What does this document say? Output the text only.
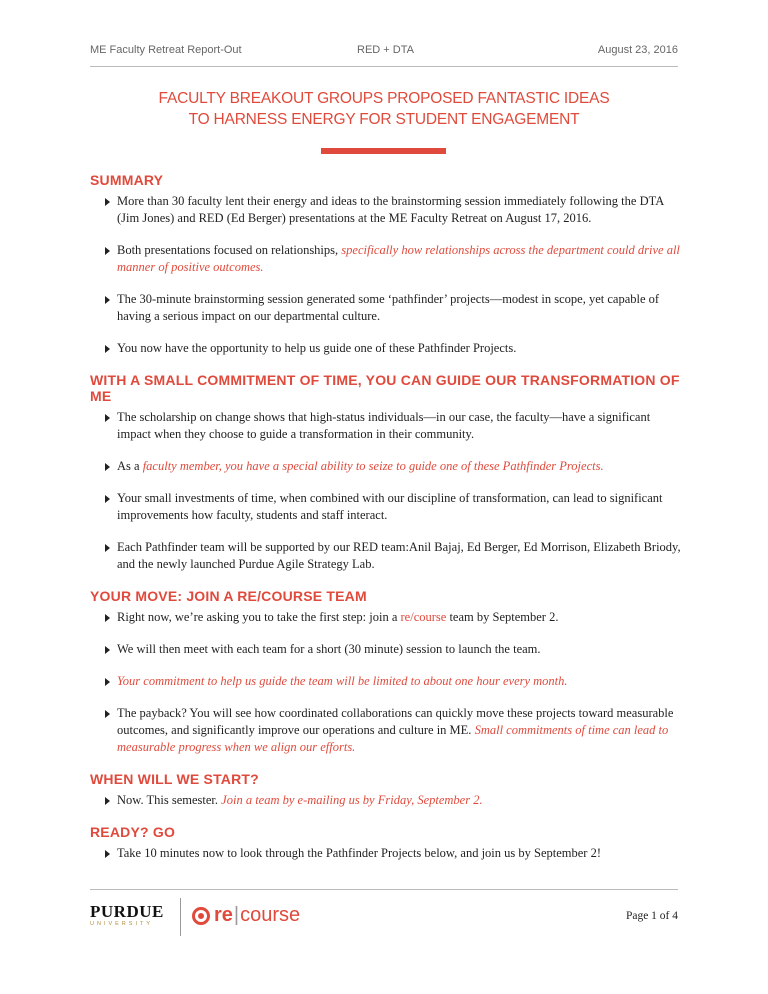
ME Faculty Retreat Report-Out	RED + DTA	August 23, 2016
FACULTY BREAKOUT GROUPS PROPOSED FANTASTIC IDEAS
TO HARNESS ENERGY FOR STUDENT ENGAGEMENT
SUMMARY
More than 30 faculty lent their energy and ideas to the brainstorming session immediately following the DTA (Jim Jones) and RED (Ed Berger) presentations at the ME Faculty Retreat on August 17, 2016.
Both presentations focused on relationships, specifically how relationships across the department could drive all manner of positive outcomes.
The 30-minute brainstorming session generated some ‘pathfinder’ projects—modest in scope, yet capable of having a serious impact on our departmental culture.
You now have the opportunity to help us guide one of these Pathfinder Projects.
WITH A SMALL COMMITMENT OF TIME, YOU CAN GUIDE OUR TRANSFORMATION OF ME
The scholarship on change shows that high-status individuals—in our case, the faculty—have a significant impact when they choose to guide a transformation in their community.
As a faculty member, you have a special ability to seize to guide one of these Pathfinder Projects.
Your small investments of time, when combined with our discipline of transformation, can lead to significant improvements how faculty, students and staff interact.
Each Pathfinder team will be supported by our RED team:Anil Bajaj, Ed Berger, Ed Morrison, Elizabeth Briody, and the newly launched Purdue Agile Strategy Lab.
YOUR MOVE: JOIN A RE/COURSE TEAM
Right now, we’re asking you to take the first step: join a re/course team by September 2.
We will then meet with each team for a short (30 minute) session to launch the team.
Your commitment to help us guide the team will be limited to about one hour every month.
The payback? You will see how coordinated collaborations can quickly move these projects toward measurable outcomes, and significantly improve our operations and culture in ME. Small commitments of time can lead to measurable progress when we align our efforts.
WHEN WILL WE START?
Now. This semester. Join a team by e-mailing us by Friday, September 2.
READY? GO
Take 10 minutes now to look through the Pathfinder Projects below, and join us by September 2!
PURDUE
UNIVERSITY	re | course	Page 1 of 4
